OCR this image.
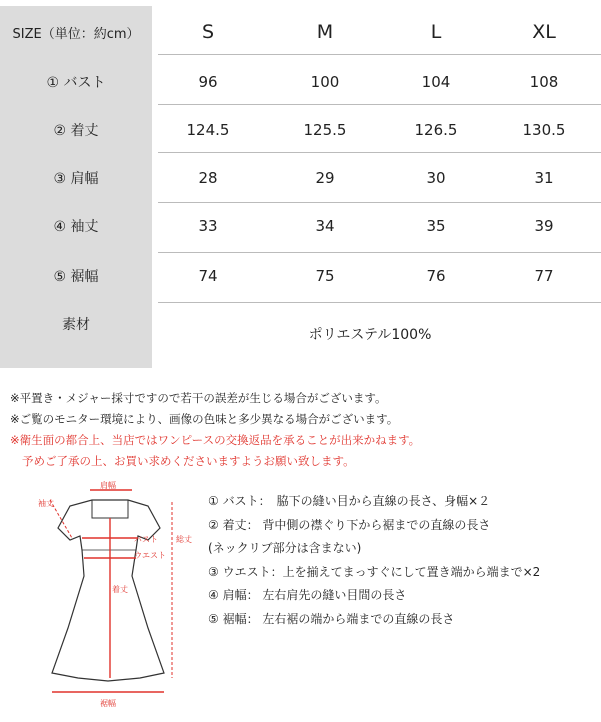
SIZE（単位：約cm）	S	M	L	XL
① バスト	96	100	104	108
② 着丈	124.5	125.5	126.5	130.5
③ 肩幅	28	29	30	31
④ 袖丈	33	34	35	39
⑤ 裾幅	74	75	76	77
素材
ポリエステル100%
※平置き・メジャー採寸ですので若干の誤差が生じる場合がございます。
※ご覧のモニター環境により、画像の色味と多少異なる場合がございます。
※衛生面の都合上、当店ではワンピースの交換返品を承ることが出来かねます。
予めご了承の上、お買い求めくださいますようお願い致します。
肩幅
袖丈
バスト
ウエスト
着丈
総丈
裾幅
① バスト：　脇下の縫い目から直線の長さ、身幅×２
② 着丈： 背中側の襟ぐり下から裾までの直線の長さ
(ネックリブ部分は含まない)
③ ウエスト：上を揃えてまっすぐにして置き端から端まで×2
④ 肩幅： 左右肩先の縫い目間の長さ
⑤ 裾幅： 左右裾の端から端までの直線の長さ
